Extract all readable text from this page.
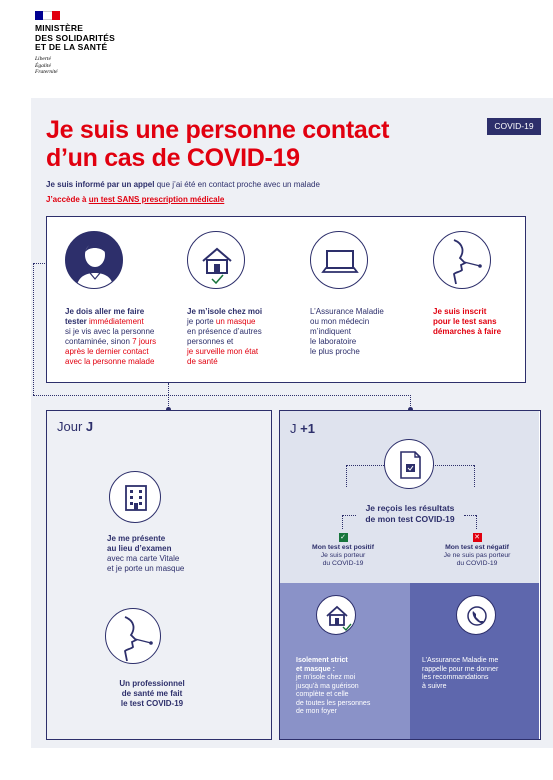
MINISTÈRE
DES SOLIDARITÉS
ET DE LA SANTÉ
Liberté
Égalité
Fraternité
Je suis une personne contact
d’un cas de COVID-19
COVID-19
Je suis informé par un appel que j’ai été en contact proche avec un malade
J’accède à un test SANS prescription médicale
Je dois aller me faire
tester immédiatement
si je vis avec la personne
contaminée, sinon 7 jours
après le dernier contact
avec la personne malade
Je m’isole chez moi
je porte un masque
en présence d’autres
personnes et
je surveille mon état
de santé
L’Assurance Maladie
ou mon médecin
m’indiquent
le laboratoire
le plus proche
Je suis inscrit
pour le test sans
démarches à faire
Jour J
Je me présente
au lieu d’examen
avec ma carte Vitale
et je porte un masque
Un professionnel
de santé me fait
le test COVID-19
J +1
Je reçois les résultats
de mon test COVID-19
✓
Mon test est positif
Je suis porteur
du COVID-19
✕
Mon test est négatif
Je ne suis pas porteur
du COVID-19
Isolement strict
et masque :
je m’isole chez moi
jusqu’à ma guérison
complète et celle
de toutes les personnes
de mon foyer
L’Assurance Maladie me
rappelle pour me donner
les recommandations
à suivre
